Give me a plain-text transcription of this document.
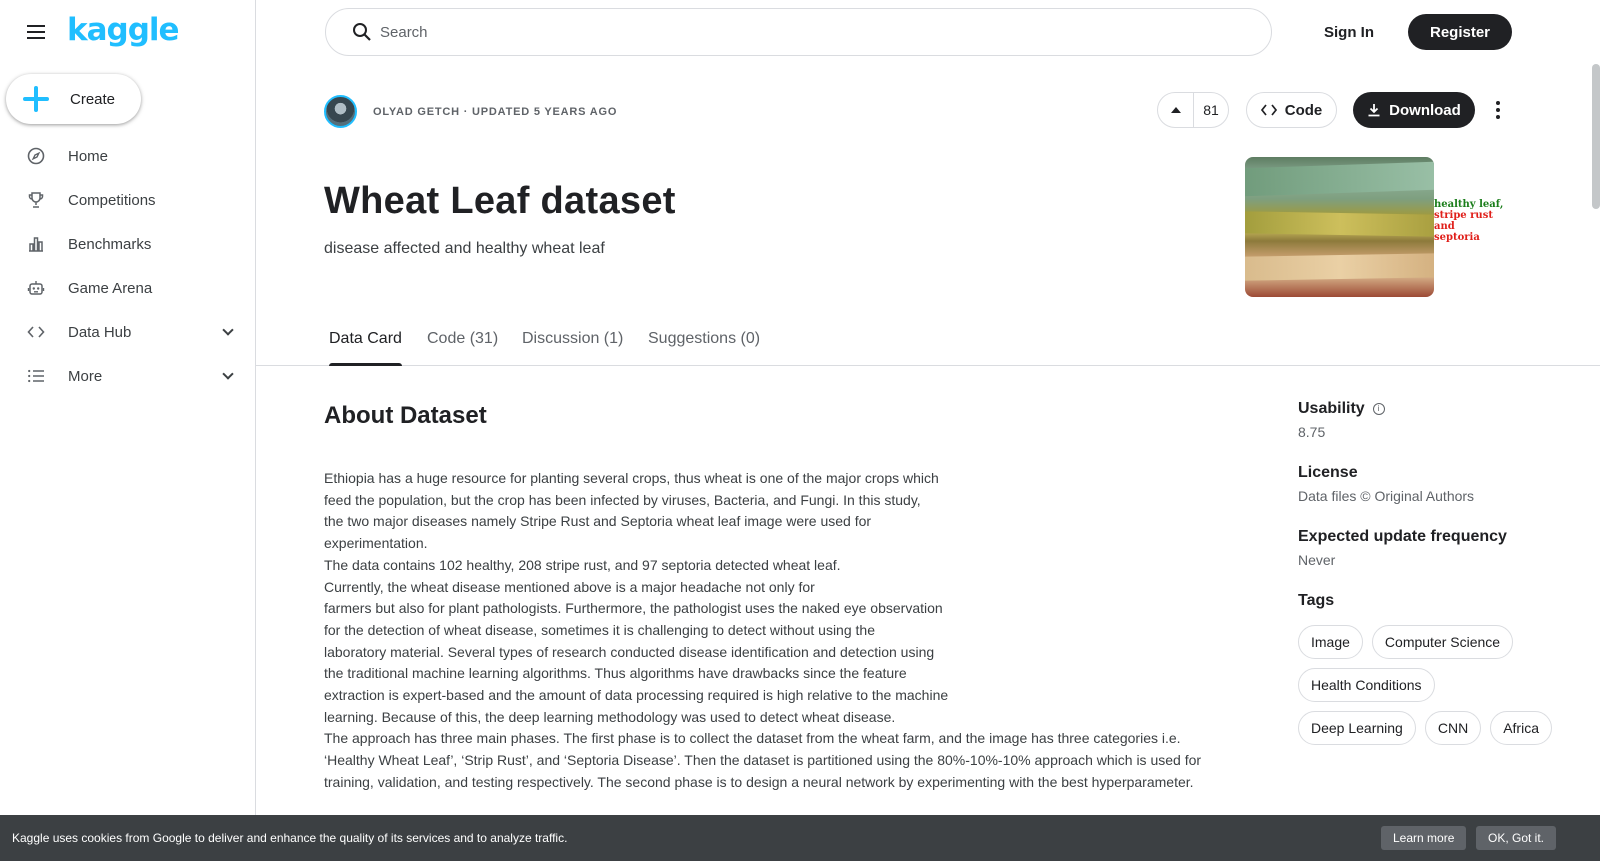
kaggle
Create
Home
Competitions
Benchmarks
Game Arena
Data Hub
More
Search	Sign In	Register
OLYAD GETCH · UPDATED 5 YEARS AGO	81	Code	Download
Wheat Leaf dataset
disease affected and healthy wheat leaf
healthy leaf,
stripe rust
and septoria
Data Card Code (31) Discussion (1) Suggestions (0)
About Dataset

Ethiopia has a huge resource for planting several crops, thus wheat is one of the major crops which

feed the population, but the crop has been infected by viruses, Bacteria, and Fungi. In this study,

the two major diseases namely Stripe Rust and Septoria wheat leaf image were used for

experimentation.

The data contains 102 healthy, 208 stripe rust, and 97 septoria detected wheat leaf.

Currently, the wheat disease mentioned above is a major headache not only for

farmers but also for plant pathologists. Furthermore, the pathologist uses the naked eye observation

for the detection of wheat disease, sometimes it is challenging to detect without using the

laboratory material. Several types of research conducted disease identification and detection using

the traditional machine learning algorithms. Thus algorithms have drawbacks since the feature

extraction is expert-based and the amount of data processing required is high relative to the machine

learning. Because of this, the deep learning methodology was used to detect wheat disease.

The approach has three main phases. The first phase is to collect the dataset from the wheat farm, and the image has three categories i.e.

‘Healthy Wheat Leaf’, ‘Strip Rust’, and ‘Septoria Disease’. Then the dataset is partitioned using the 80%-10%-10% approach which is used for

training, validation, and testing respectively. The second phase is to design a neural network by experimenting with the best hyperparameter.

Usability	i
8.75
License
Data files © Original Authors
Expected update frequency
Never
Tags
Image	Computer Science
Health Conditions
Deep Learning	CNN	Africa
Kaggle uses cookies from Google to deliver and enhance the quality of its services and to analyze traffic.	Learn more	OK, Got it.
